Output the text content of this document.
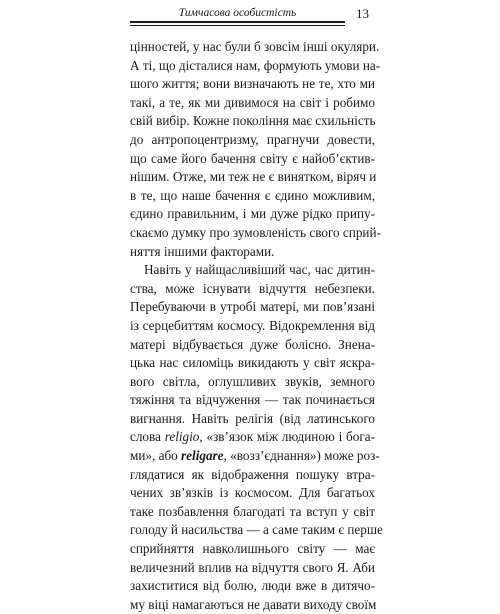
Тимчасова особистість	13
цінностей, у нас були б зовсім інші окуляри.
А ті, що дісталися нам, формують умови на-
шого життя; вони визначають не те, хто ми
такі, а те, як ми дивимося на світ і робимо
свій вибір. Кожне покоління має схильність
до антропоцентризму, прагнучи довести,
що саме його бачення світу є найоб’єктив-
нішим. Отже, ми теж не є винятком, віряч и
в те, що наше бачення є єдино можливим,
єдино правильним, і ми дуже рідко припу-
скаємо думку про зумовленість свого сприй-
няття іншими факторами.
Навіть у найщасливіший час, час дитин-
ства, може існувати відчуття небезпеки.
Перебуваючи в утробі матері, ми пов’язані
із серцебиттям космосу. Відокремлення від
матері відбувається дуже болісно. Зненa-
цька нас силоміць викидають у світ яскра-
вого світла, оглушливих звуків, земного
тяжіння та відчуження — так починається
вигнання. Навіть релігія (від латинського
слова religio, «зв’язок між людиною і бога-
ми», або religare, «возз’єднання») може роз-
глядатися як відображення пошуку втра-
чених зв’язків із космосом. Для багатьох
таке позбавлення благодаті та вступ у світ
голоду й насильства — а саме таким є перше
сприйняття навколишнього світу — має
величезний вплив на відчуття свого Я. Аби
захиститися від болю, люди вже в дитячо-
му віці намагаються не давати виходу своїм
